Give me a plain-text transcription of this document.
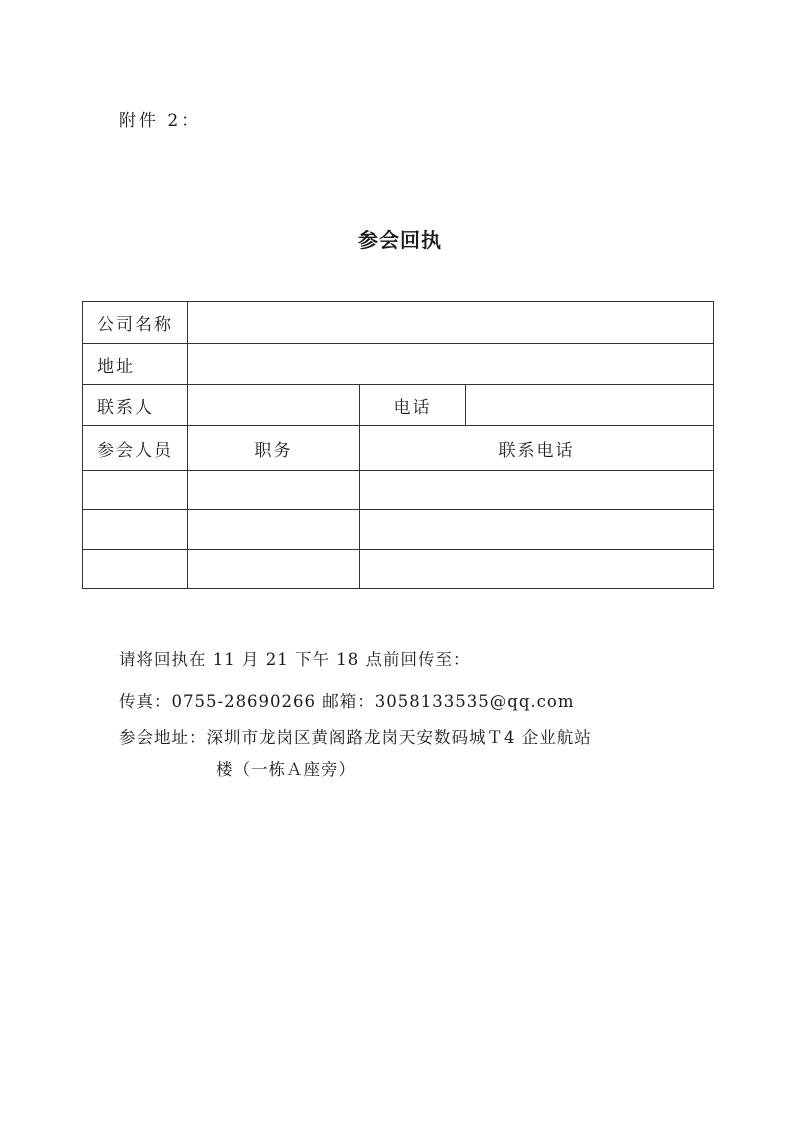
附件 2：
参会回执
公司名称			
地址			
联系人		电话	
参会人员	职务	联系电话	

请将回执在 11 月 21 下午 18 点前回传至：
传真：0755-28690266 邮箱：3058133535@qq.com
参会地址：深圳市龙岗区黄阁路龙岗天安数码城Ｔ4 企业航站
楼（一栋Ａ座旁）
